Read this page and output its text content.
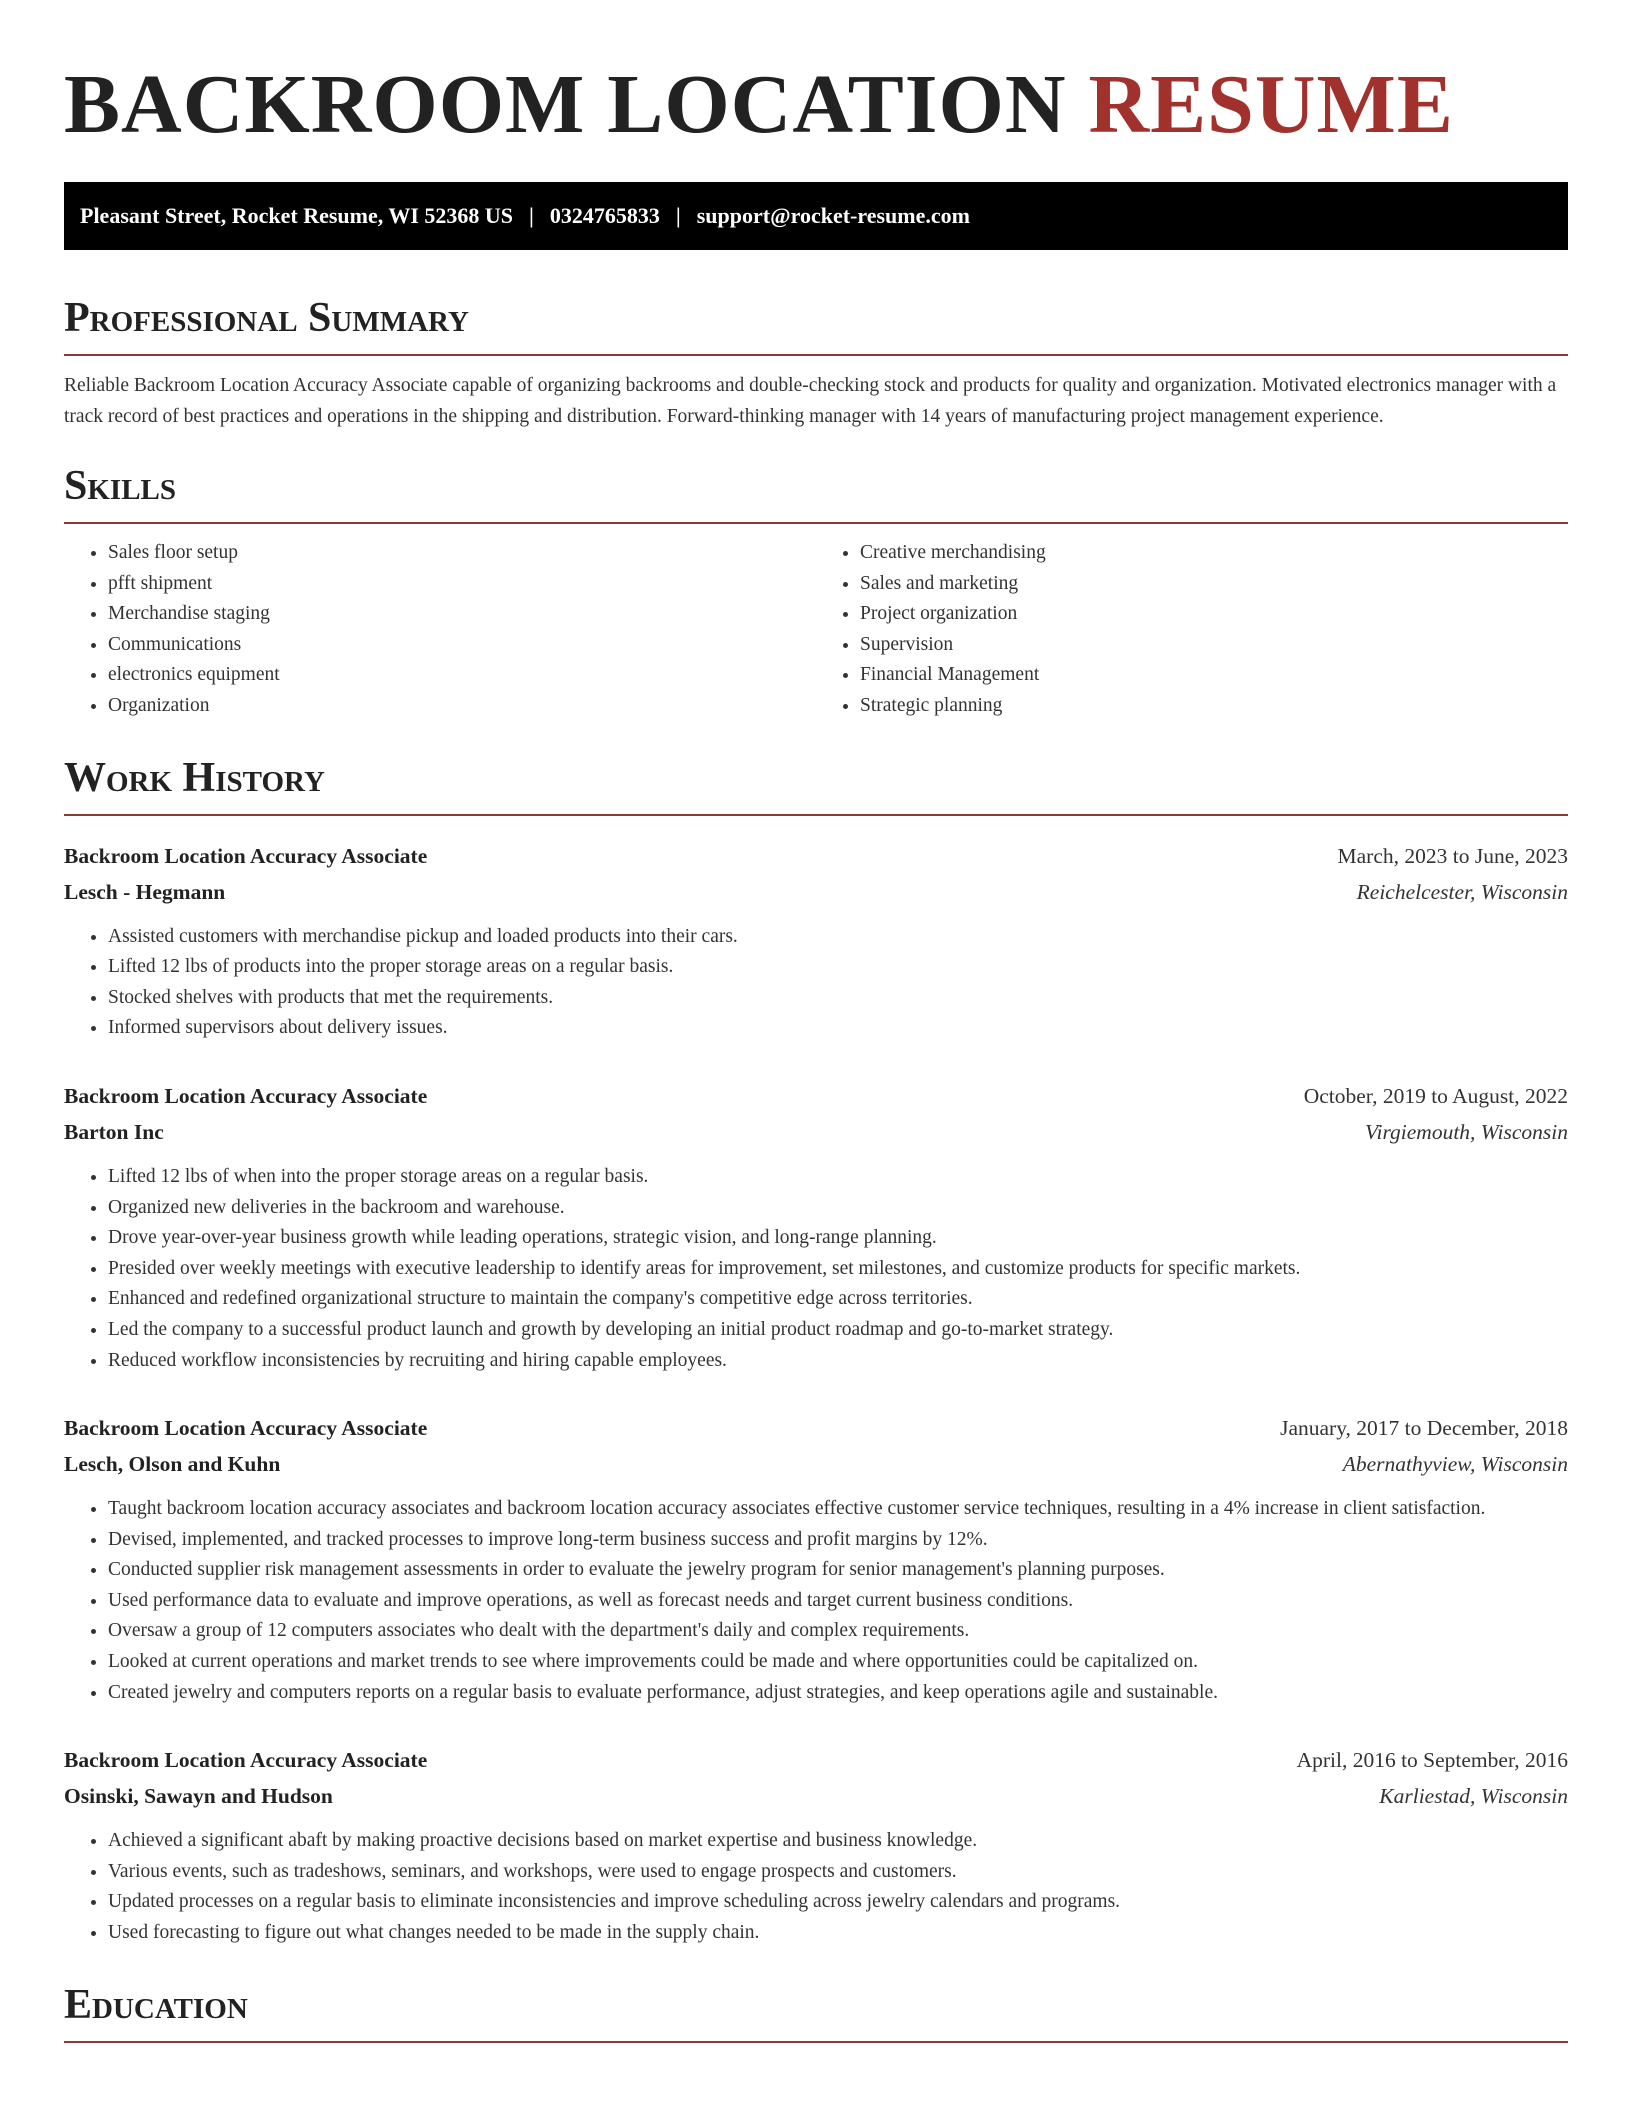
BACKROOM LOCATION RESUME
Pleasant Street, Rocket Resume, WI 52368 US | 0324765833 | support@rocket-resume.com
Professional Summary

Reliable Backroom Location Accuracy Associate capable of organizing backrooms and double-checking stock and products for quality and organization. Motivated electronics manager with a track record of best practices and operations in the shipping and distribution. Forward-thinking manager with 14 years of manufacturing project management experience.

Skills
• Sales floor setup
• pfft shipment
• Merchandise staging
• Communications
• electronics equipment
• Organization
• Creative merchandising
• Sales and marketing
• Project organization
• Supervision
• Financial Management
• Strategic planning
Work History
Backroom Location Accuracy Associate	March, 2023 to June, 2023
Lesch - Hegmann	Reichelcester, Wisconsin
• Assisted customers with merchandise pickup and loaded products into their cars.
• Lifted 12 lbs of products into the proper storage areas on a regular basis.
• Stocked shelves with products that met the requirements.
• Informed supervisors about delivery issues.
Backroom Location Accuracy Associate	October, 2019 to August, 2022
Barton Inc	Virgiemouth, Wisconsin
• Lifted 12 lbs of when into the proper storage areas on a regular basis.
• Organized new deliveries in the backroom and warehouse.
• Drove year-over-year business growth while leading operations, strategic vision, and long-range planning.
• Presided over weekly meetings with executive leadership to identify areas for improvement, set milestones, and customize products for specific markets.
• Enhanced and redefined organizational structure to maintain the company's competitive edge across territories.
• Led the company to a successful product launch and growth by developing an initial product roadmap and go-to-market strategy.
• Reduced workflow inconsistencies by recruiting and hiring capable employees.
Backroom Location Accuracy Associate	January, 2017 to December, 2018
Lesch, Olson and Kuhn	Abernathyview, Wisconsin
• Taught backroom location accuracy associates and backroom location accuracy associates effective customer service techniques, resulting in a 4% increase in client satisfaction.
• Devised, implemented, and tracked processes to improve long-term business success and profit margins by 12%.
• Conducted supplier risk management assessments in order to evaluate the jewelry program for senior management's planning purposes.
• Used performance data to evaluate and improve operations, as well as forecast needs and target current business conditions.
• Oversaw a group of 12 computers associates who dealt with the department's daily and complex requirements.
• Looked at current operations and market trends to see where improvements could be made and where opportunities could be capitalized on.
• Created jewelry and computers reports on a regular basis to evaluate performance, adjust strategies, and keep operations agile and sustainable.
Backroom Location Accuracy Associate	April, 2016 to September, 2016
Osinski, Sawayn and Hudson	Karliestad, Wisconsin
• Achieved a significant abaft by making proactive decisions based on market expertise and business knowledge.
• Various events, such as tradeshows, seminars, and workshops, were used to engage prospects and customers.
• Updated processes on a regular basis to eliminate inconsistencies and improve scheduling across jewelry calendars and programs.
• Used forecasting to figure out what changes needed to be made in the supply chain.
Education
